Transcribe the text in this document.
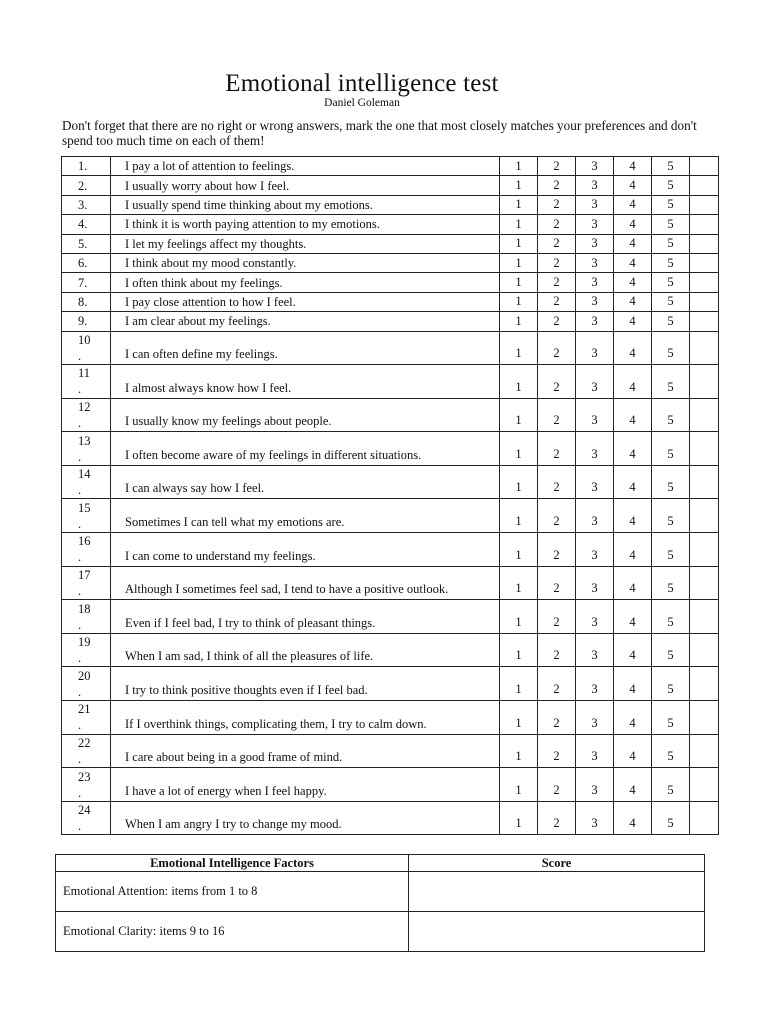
Emotional intelligence test
Daniel Goleman
Don't forget that there are no right or wrong answers, mark the one that most closely matches your preferences and don't spend too much time on each of them!
1.	I pay a lot of attention to feelings.	1	2	3	4	5	

2.	I usually worry about how I feel.	1	2	3	4	5	

3.	I usually spend time thinking about my emotions.	1	2	3	4	5	

4.	I think it is worth paying attention to my emotions.	1	2	3	4	5	

5.	I let my feelings affect my thoughts.	1	2	3	4	5	

6.	I think about my mood constantly.	1	2	3	4	5	

7.	I often think about my feelings.	1	2	3	4	5	

8.	I pay close attention to how I feel.	1	2	3	4	5	

9.	I am clear about my feelings.	1	2	3	4	5	

10
.	I can often define my feelings.	1	2	3	4	5	

11
.	I almost always know how I feel.	1	2	3	4	5	

12
.	I usually know my feelings about people.	1	2	3	4	5	

13
.	I often become aware of my feelings in different situations.	1	2	3	4	5	

14
.	I can always say how I feel.	1	2	3	4	5	

15
.	Sometimes I can tell what my emotions are.	1	2	3	4	5	

16
.	I can come to understand my feelings.	1	2	3	4	5	

17
.	Although I sometimes feel sad, I tend to have a positive outlook.	1	2	3	4	5	

18
.	Even if I feel bad, I try to think of pleasant things.	1	2	3	4	5	

19
.	When I am sad, I think of all the pleasures of life.	1	2	3	4	5	

20
.	I try to think positive thoughts even if I feel bad.	1	2	3	4	5	

21
.	If I overthink things, complicating them, I try to calm down.	1	2	3	4	5	

22
.	I care about being in a good frame of mind.	1	2	3	4	5	

23
.	I have a lot of energy when I feel happy.	1	2	3	4	5	

24
.	When I am angry I try to change my mood.	1	2	3	4	5	
Emotional Intelligence Factors	Score
Emotional Attention: items from 1 to 8	
Emotional Clarity: items 9 to 16	
